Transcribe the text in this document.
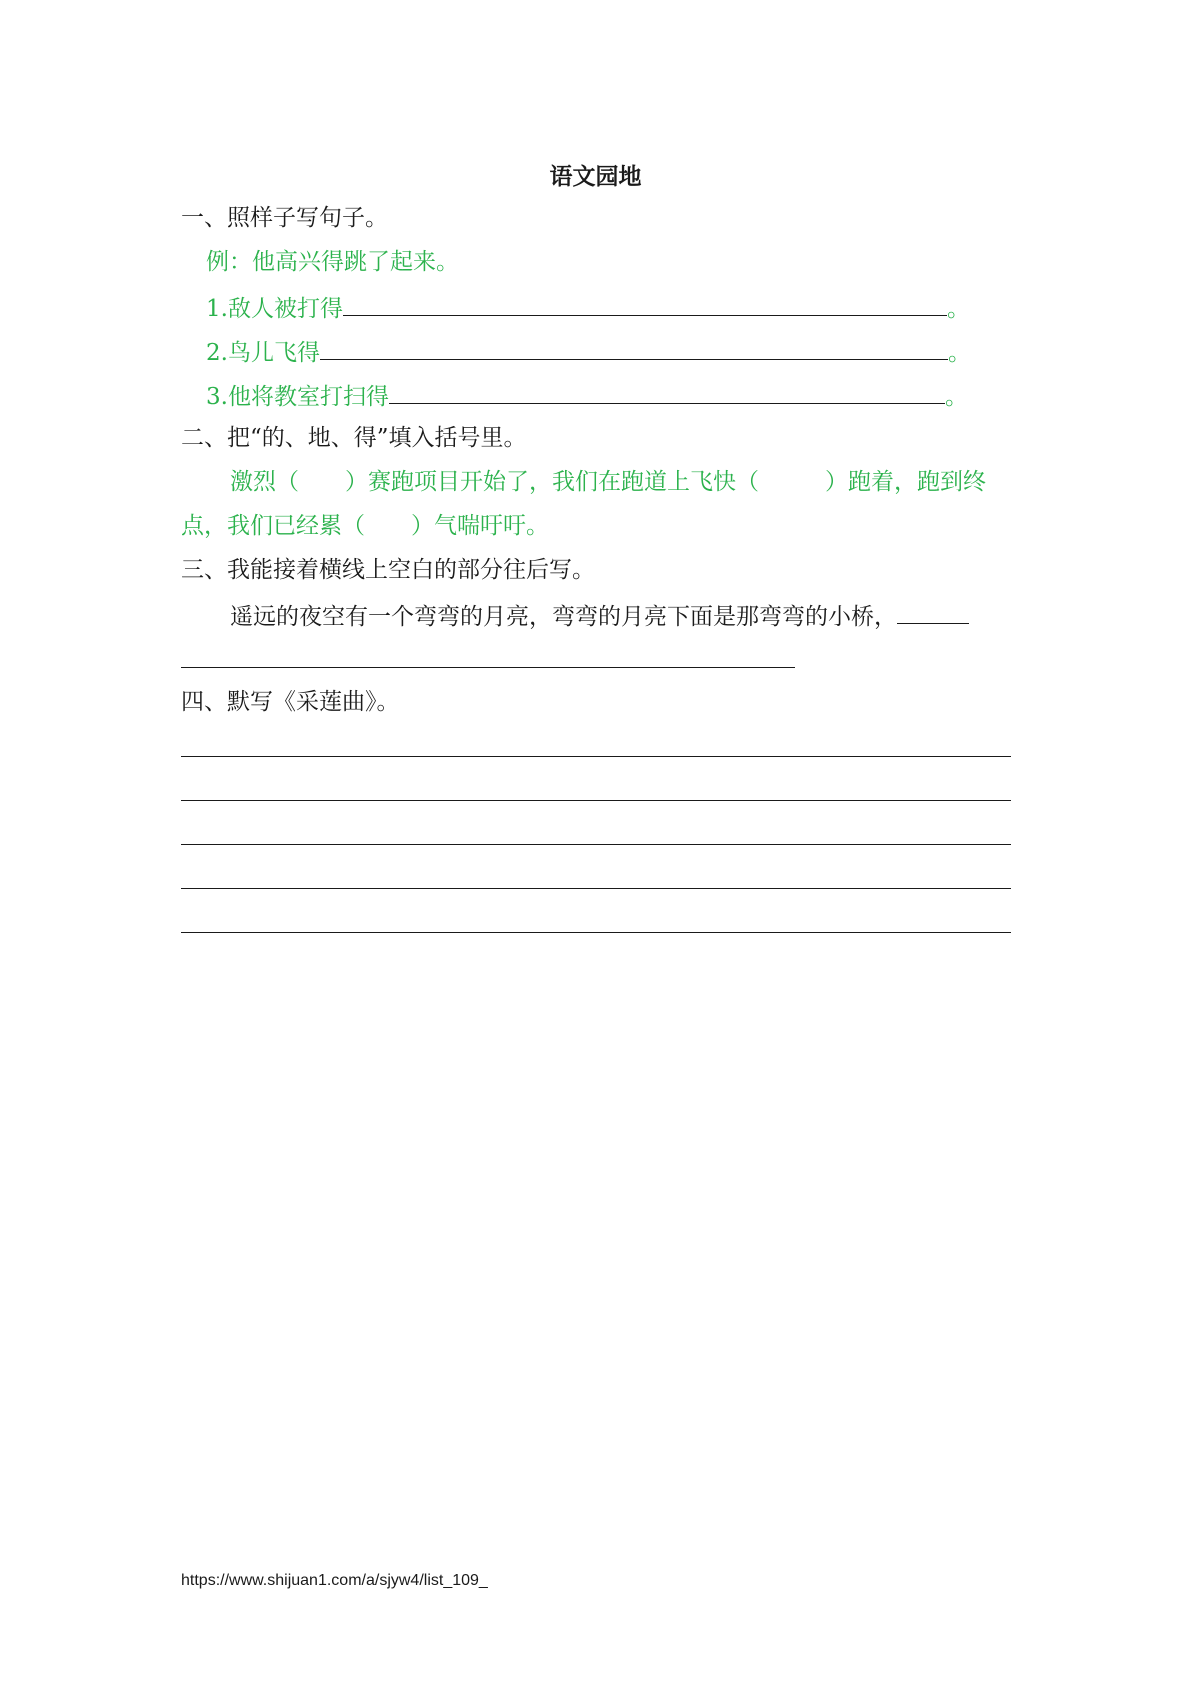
语文园地
一、照样子写句子。
例：他高兴得跳了起来。
1.敌人被打得	。
2.鸟儿飞得	。
3.他将教室打扫得	。
二、把“的、地、得”填入括号里。
激烈（ ）赛跑项目开始了，我们在跑道上飞快（	）跑着，跑到终
点，我们已经累（ ）气喘吁吁。
三、我能接着横线上空白的部分往后写。
遥远的夜空有一个弯弯的月亮，弯弯的月亮下面是那弯弯的小桥，
四、默写《采莲曲》。
https://www.shijuan1.com/a/sjyw4/list_109_
